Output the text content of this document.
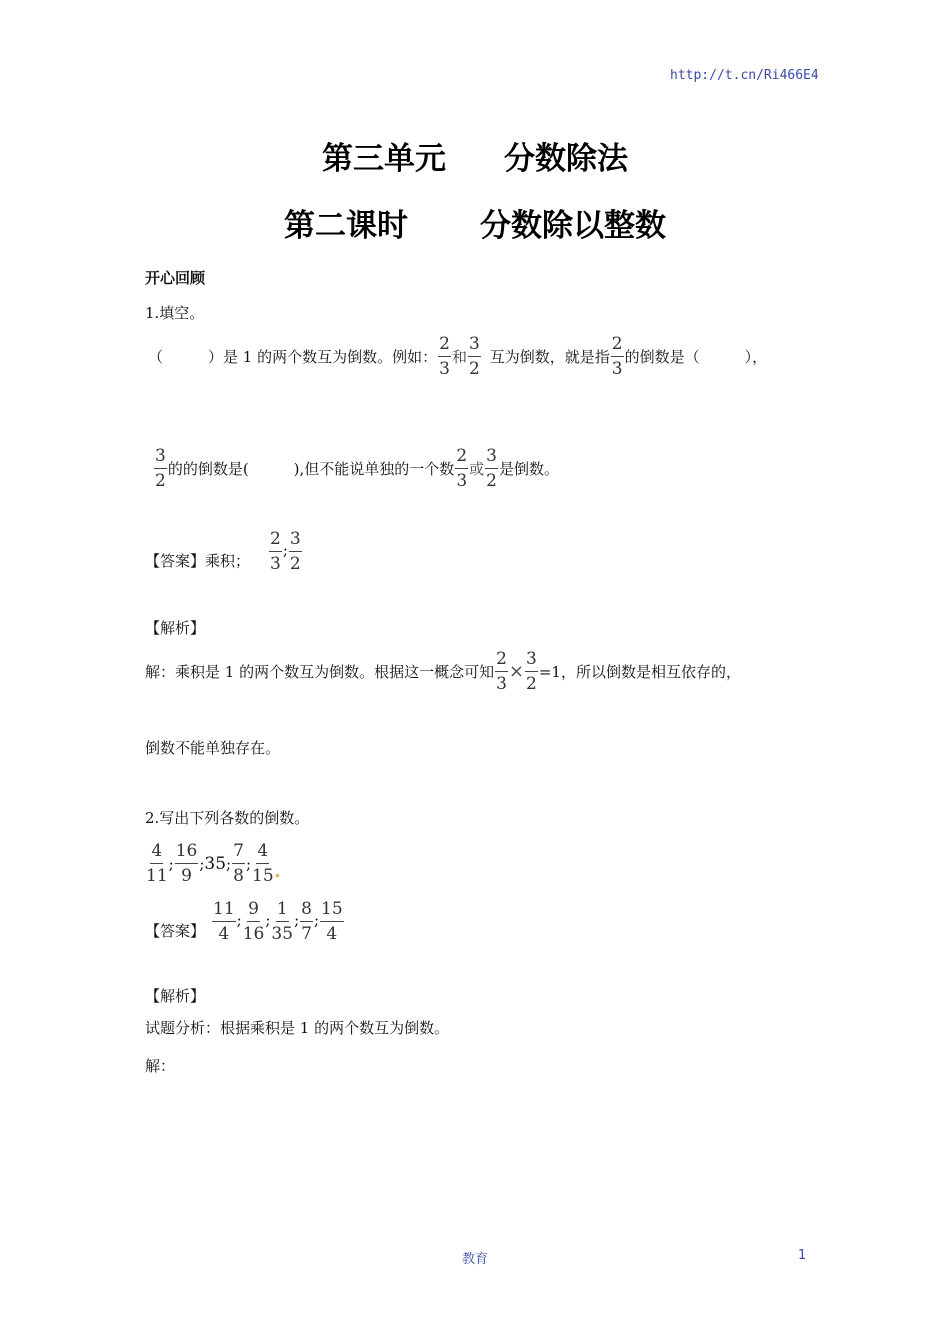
http://t.cn/Ri466E4
第三单元 分数除法
第二课时 分数除以整数
开心回顾
1.填空。
（　　　） 是 1 的两个数互为倒数。例如： $\frac{2}{3}$ 和 $\frac{3}{2}$ 互为倒数，就是指 $\frac{2}{3}$ 的倒数是（　　　），
$\frac{3}{2}$ 的的倒数是(　　　),但不能说单独的一个数 $\frac{2}{3}$ 或 $\frac{3}{2}$ 是倒数。
【答案】 乘积； $\frac{2}{3}$ ; $\frac{3}{2}$
【解析】
解：乘积是 1 的两个数互为倒数。根据这一概念可知 $\frac{2}{3} \times \frac{3}{2} =1$，所以倒数是相互依存的，
倒数不能单独存在。
2.写出下列各数的倒数。
$\frac{4}{11}$ ; $\frac{16}{9}$ ; 35 ; $\frac{7}{8}$ ; $\frac{4}{15}$
【答案】 $\frac{11}{4}$ ; $\frac{9}{16}$ ; $\frac{1}{35}$ ; $\frac{8}{7}$ ; $\frac{15}{4}$
【解析】
试题分析：根据乘积是 1 的两个数互为倒数。
解：
教育	1
